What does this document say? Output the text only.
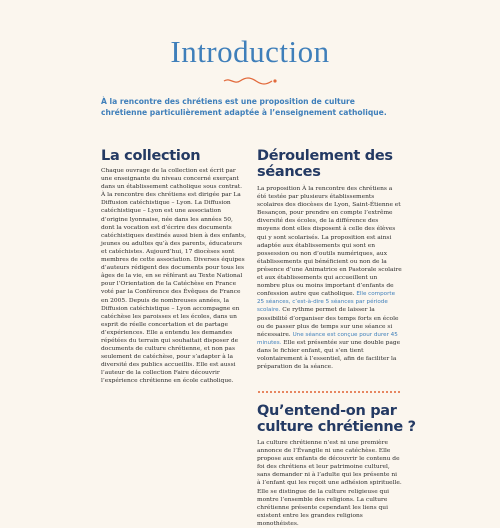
Introduction

À la rencontre des chrétiens est une proposition de culture chrétienne particulièrement adaptée à l’enseignement catholique.

La collection

Chaque ouvrage de la collection est écrit par une enseignante du niveau concerné exerçant dans un établissement catholique sous contrat. À la rencontre des chrétiens est dirigée par La Diffusion catéchistique – Lyon. La Diffusion catéchistique – Lyon est une association d’origine lyonnaise, née dans les années 50, dont la vocation est d’écrire des documents catéchistiques destinés aussi bien à des enfants, jeunes ou adultes qu’à des parents, éducateurs et catéchistes. Aujourd’hui, 17 diocèses sont membres de cette association. Diverses équipes d’auteurs rédigent des documents pour tous les âges de la vie, en se référant au Texte National pour l’Orientation de la Catéchèse en France voté par la Conférence des Évêques de France en 2005. Depuis de nombreuses années, la Diffusion catéchistique – Lyon accompagne en catéchèse les paroisses et les écoles, dans un esprit de réelle concertation et de partage d’expériences. Elle a entendu les demandes répétées du terrain qui souhaitait disposer de documents de culture chrétienne, et non pas seulement de catéchèse, pour s’adapter à la diversité des publics accueillis. Elle est aussi l’auteur de la collection Faire découvrir l’expérience chrétienne en école catholique.

Déroulement des séances

La proposition À la rencontre des chrétiens a été testée par plusieurs établissements scolaires des diocèses de Lyon, Saint-Étienne et Besançon, pour prendre en compte l’extrême diversité des écoles, de la différence des moyens dont elles disposent à celle des élèves qui y sont scolarisés. La proposition est ainsi adaptée aux établissements qui sont en possession ou non d’outils numériques, aux établissements qui bénéficient ou non de la présence d’une Animatrice en Pastorale scolaire et aux établissements qui accueillent un nombre plus ou moins important d’enfants de confession autre que catholique. Elle comporte 25 séances, c’est-à-dire 5 séances par période scolaire. Ce rythme permet de laisser la possibilité d’organiser des temps forts en école ou de passer plus de temps sur une séance si nécessaire. Une séance est conçue pour durer 45 minutes. Elle est présentée sur une double page dans le fichier enfant, qui s’en tient volontairement à l’essentiel, afin de faciliter la préparation de la séance.

Qu’entend-on par culture chrétienne ?

La culture chrétienne n’est ni une première annonce de l’Évangile ni une catéchèse. Elle propose aux enfants de découvrir le contenu de foi des chrétiens et leur patrimoine culturel, sans demander ni à l’adulte qui les présente ni à l’enfant qui les reçoit une adhésion spirituelle. Elle se distingue de la culture religieuse qui montre l’ensemble des religions. La culture chrétienne présente cependant les liens qui existent entre les grandes religions monothéistes.
